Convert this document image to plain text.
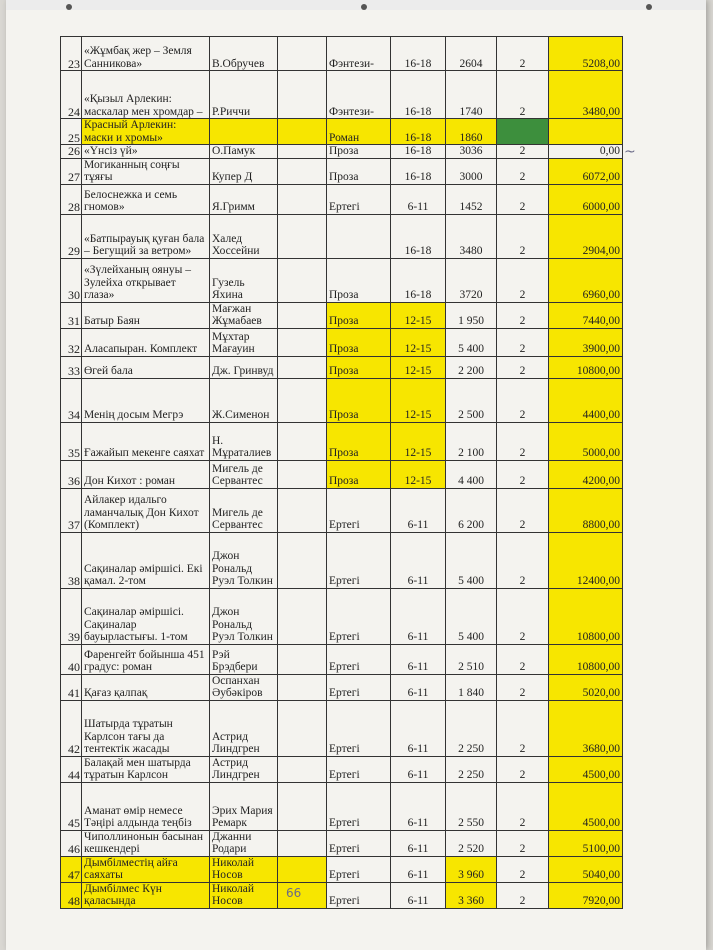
23	«Жұмбақ жер – Земля Санникова»	В.Обручев		Фэнтези-	16-18	2604	2	5208,00
24	«Қызыл Арлекин: маскалар мен хромдар –	Р.Риччи		Фэнтези-	16-18	1740	2	3480,00
25	Красный Арлекин: маски и хромы»			Роман	16-18	1860		
26	«Үнсіз үй»	О.Памук		Проза	16-18	3036	2	0,00
27	Могиканның соңғы тұяғы	Купер Д		Проза	16-18	3000	2	6072,00
28	Белоснежка и семь гномов»	Я.Гримм		Ертегі	6-11	1452	2	6000,00
29	«Батпырауық қуған бала – Бегущий за ветром»	Халед Хоссейни			16-18	3480	2	2904,00
30	«Зүлейханың оянуы – Зулейха открывает глаза»	Гузель Яхина		Проза	16-18	3720	2	6960,00
31	Батыр Баян	Мағжан Жұмабаев		Проза	12-15	1 950	2	7440,00
32	Алаcапыран. Комплект	Мұхтар Мағауин		Проза	12-15	5 400	2	3900,00
33	Өгей бала	Дж. Гринвуд		Проза	12-15	2 200	2	10800,00
34	Менің досым Мегрэ	Ж.Сименон		Проза	12-15	2 500	2	4400,00
35	Ғажайып мекенге саяхат	Н. Мұраталиев		Проза	12-15	2 100	2	5000,00
36	Дон Кихот : роман	Мигель де Сервантес		Проза	12-15	4 400	2	4200,00
37	Айлакер идальго ламанчалық Дон Кихот (Комплект)	Мигель де Сервантес		Ертегі	6-11	6 200	2	8800,00
38	Сақиналар әміршісі. Екі қамал. 2-том	Джон Рональд Руэл Толкин		Ертегі	6-11	5 400	2	12400,00
39	Сақиналар әміршісі. Сақиналар бауырластығы. 1-том	Джон Рональд Руэл Толкин		Ертегі	6-11	5 400	2	10800,00
40	Фаренгейт бойынша 451 градус: роман	Рэй Брэдбери		Ертегі	6-11	2 510	2	10800,00
41	Қағаз қалпақ	Оспанхан Әубәкіров		Ертегі	6-11	1 840	2	5020,00
42	Шатырда тұратын Карлсон тағы да тентектік жасады	Астрид Линдгрен		Ертегі	6-11	2 250	2	3680,00
44	Балақай мен шатырда тұратын Карлсон	Астрид Линдгрен		Ертегі	6-11	2 250	2	4500,00
45	Аманат өмір немесе Тәңірі алдында теңбіз	Эрих Мария Ремарк		Ертегі	6-11	2 550	2	4500,00
46	Чиполлинонын басынан кешкендері	Джанни Родари		Ертегі	6-11	2 520	2	5100,00
47	Дымбілместің айға саяхаты	Николай Носов		Ертегі	6-11	3 960	2	5040,00
48	Дымбілмес Күн қаласында	Николай Носов		Ертегі	6-11	3 360	2	7920,00
~
66
